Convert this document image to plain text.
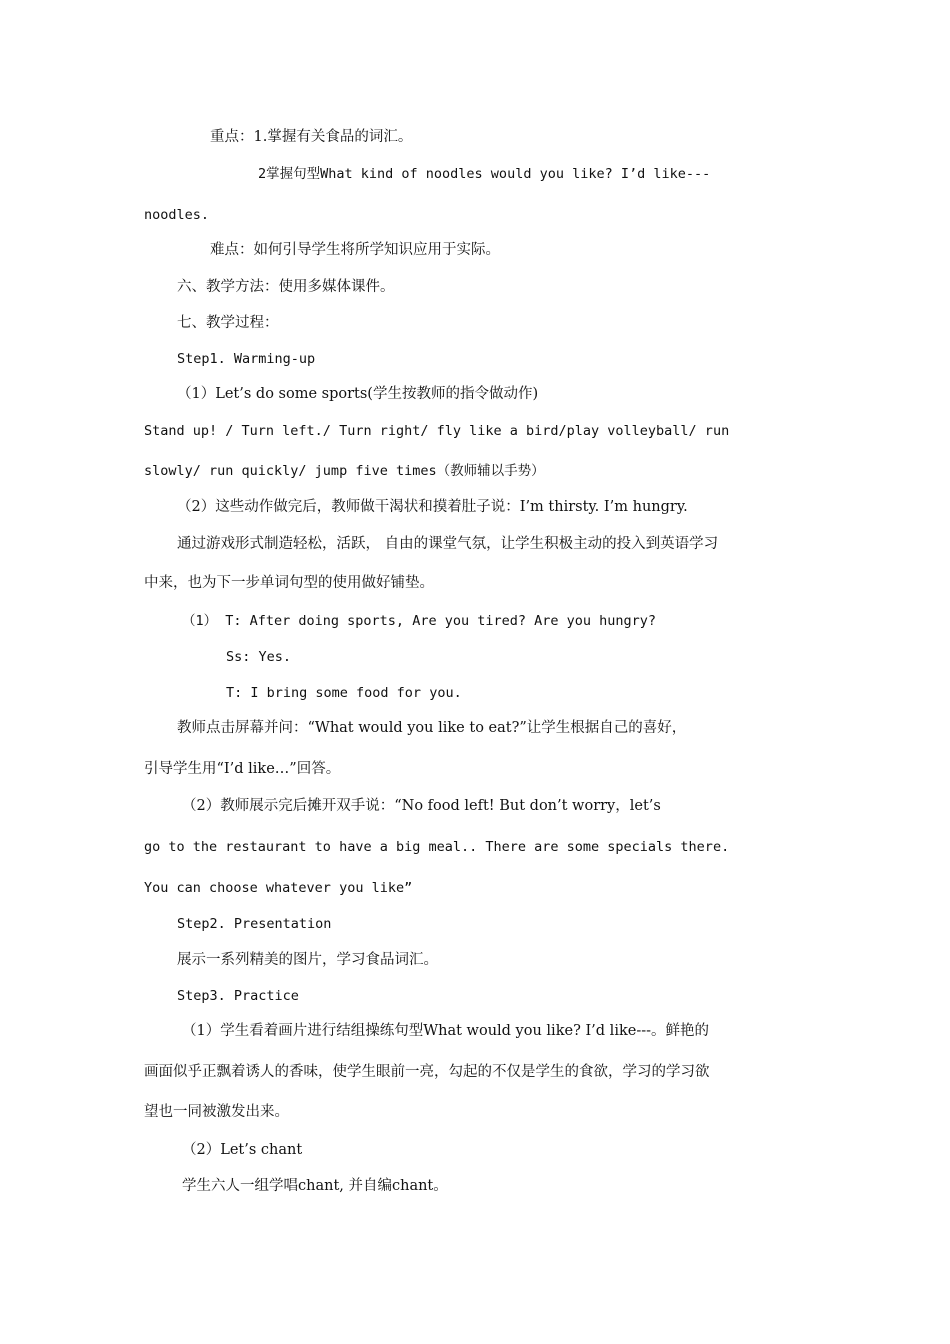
重点：1.掌握有关食品的词汇。
2掌握句型What kind of noodles would you like? I’d like---
noodles.
难点：如何引导学生将所学知识应用于实际。
六、教学方法：使用多媒体课件。
七、教学过程：
Step1. Warming-up
（1）Let’s do some sports(学生按教师的指令做动作)
Stand up! / Turn left./ Turn right/ fly like a bird/play volleyball/ run
slowly/ run quickly/ jump five times（教师辅以手势）
（2）这些动作做完后，教师做干渴状和摸着肚子说：I’m thirsty. I’m hungry.
通过游戏形式制造轻松，活跃， 自由的课堂气氛，让学生积极主动的投入到英语学习
中来，也为下一步单词句型的使用做好铺垫。
（1） T: After doing sports, Are you tired? Are you hungry?
Ss: Yes.
T: I bring some food for you.
教师点击屏幕并问：“What would you like to eat?”让学生根据自己的喜好，
引导学生用“I’d like…”回答。
（2）教师展示完后摊开双手说：“No food left! But don’t worry，let’s
go to the restaurant to have a big meal.. There are some specials there.
You can choose whatever you like”
Step2. Presentation
展示一系列精美的图片，学习食品词汇。
Step3. Practice
（1）学生看着画片进行结组操练句型What would you like? I’d like---。鲜艳的
画面似乎正飘着诱人的香味，使学生眼前一亮，勾起的不仅是学生的食欲，学习的学习欲
望也一同被激发出来。
（2）Let’s chant
学生六人一组学唱chant, 并自编chant。
